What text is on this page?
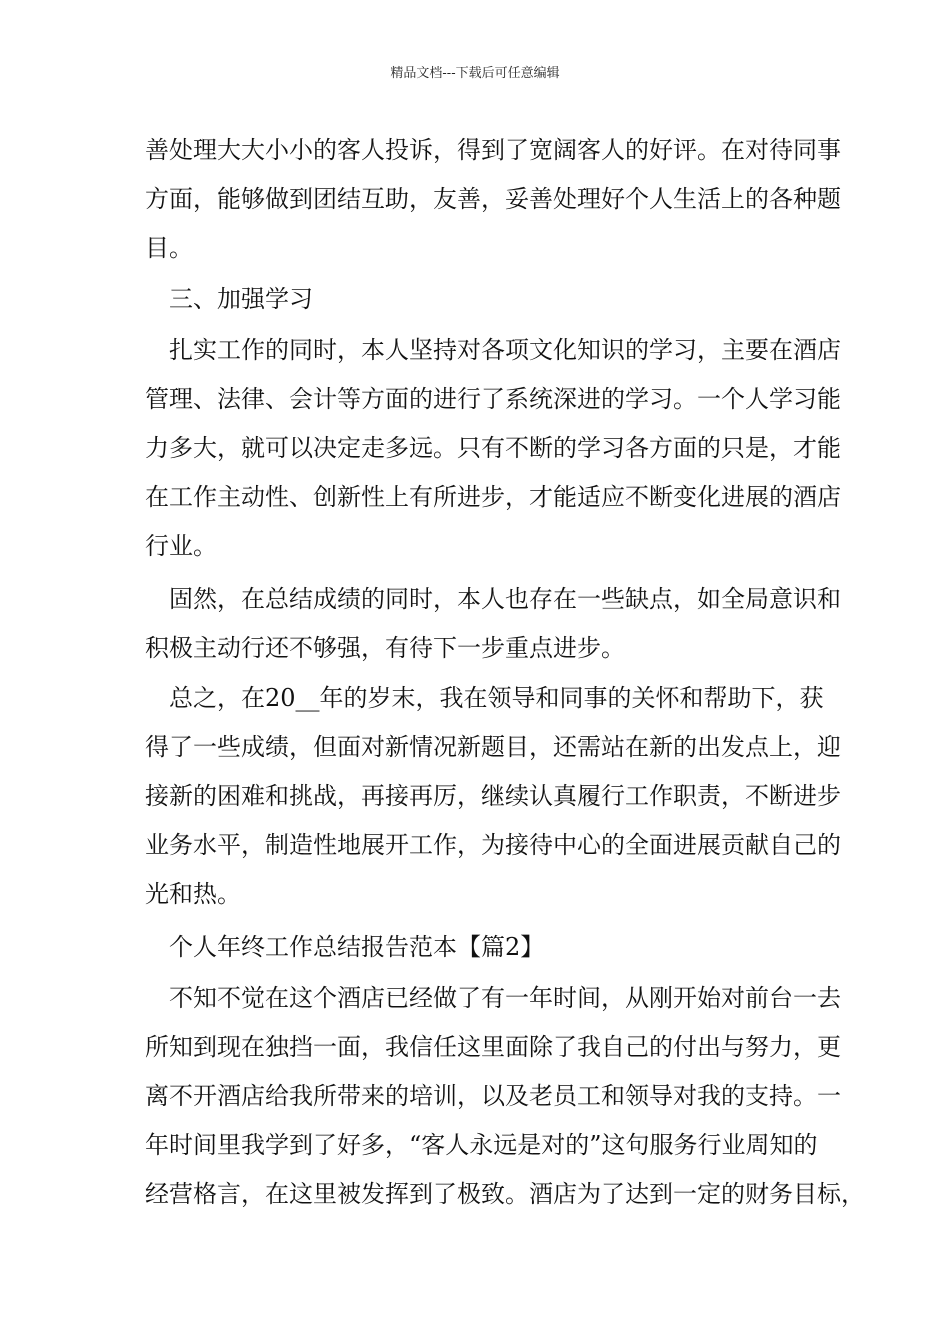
精品文档---下载后可任意编辑

善处理大大小小的客人投诉，得到了宽阔客人的好评。在对待同事

方面，能够做到团结互助，友善，妥善处理好个人生活上的各种题

目。

　三、加强学习

　扎实工作的同时，本人坚持对各项文化知识的学习，主要在酒店

管理、法律、会计等方面的进行了系统深进的学习。一个人学习能

力多大，就可以决定走多远。只有不断的学习各方面的只是，才能

在工作主动性、创新性上有所进步，才能适应不断变化进展的酒店

行业。

　固然，在总结成绩的同时，本人也存在一些缺点，如全局意识和

积极主动行还不够强，有待下一步重点进步。

　总之，在20__年的岁末，我在领导和同事的关怀和帮助下，获

得了一些成绩，但面对新情况新题目，还需站在新的出发点上，迎

接新的困难和挑战，再接再厉，继续认真履行工作职责，不断进步

业务水平，制造性地展开工作，为接待中心的全面进展贡献自己的

光和热。

　个人年终工作总结报告范本【篇2】

　不知不觉在这个酒店已经做了有一年时间，从刚开始对前台一去

所知到现在独挡一面，我信任这里面除了我自己的付出与努力，更

离不开酒店给我所带来的培训，以及老员工和领导对我的支持。一

年时间里我学到了好多，“客人永远是对的”这句服务行业周知的

经营格言，在这里被发挥到了极致。酒店为了达到一定的财务目标，
